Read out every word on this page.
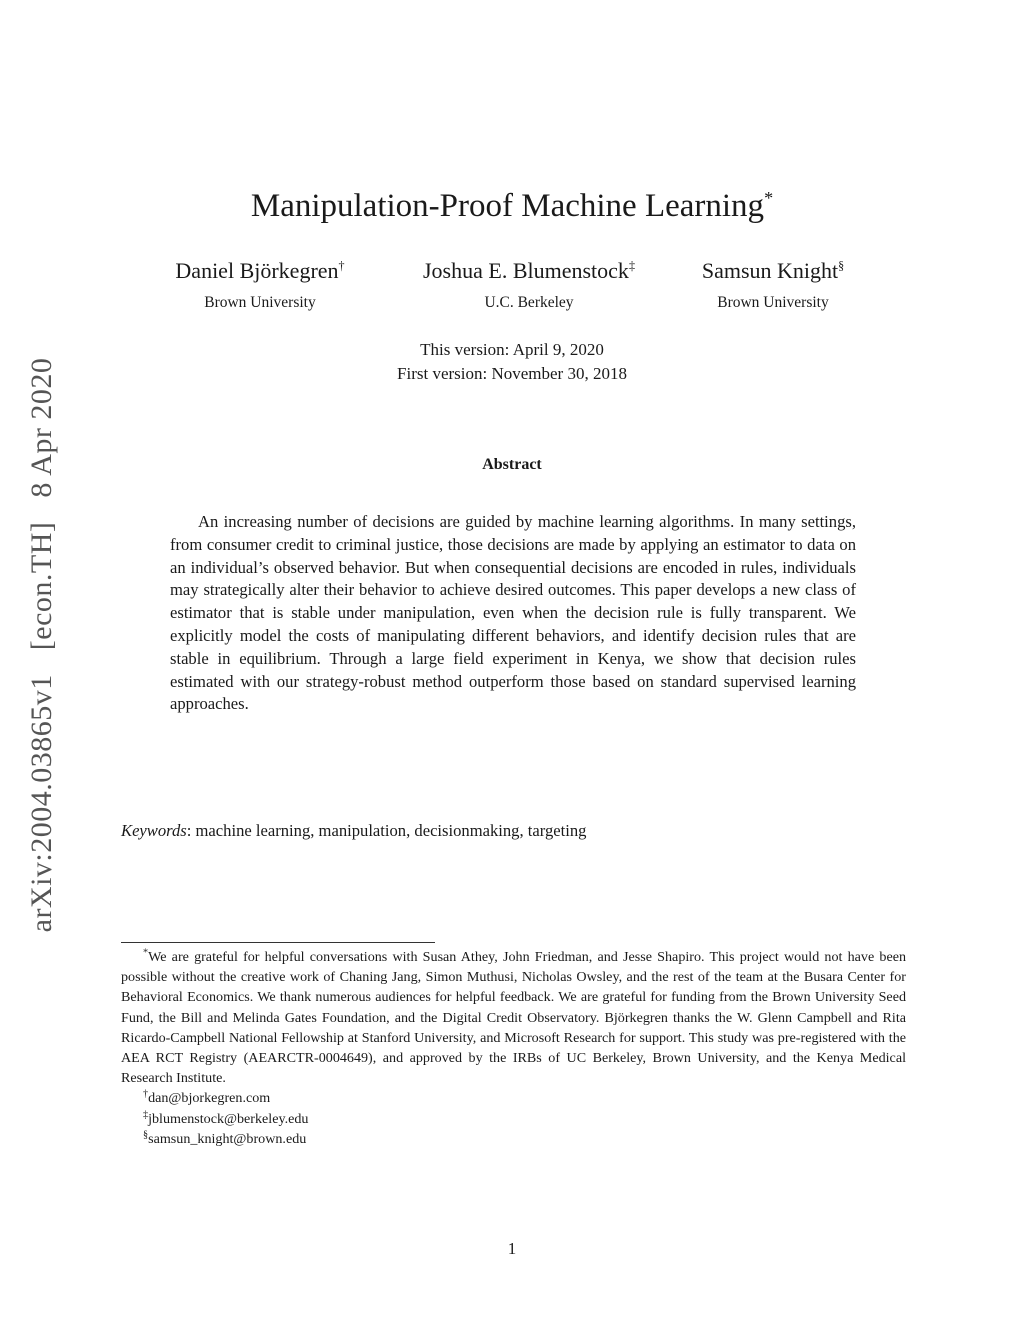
arXiv:2004.03865v1 [econ.TH] 8 Apr 2020
Manipulation-Proof Machine Learning*
Daniel Björkegren†
Brown University
Joshua E. Blumenstock‡
U.C. Berkeley
Samsun Knight§
Brown University
This version: April 9, 2020
First version: November 30, 2018
Abstract

An increasing number of decisions are guided by machine learning algorithms. In many settings, from consumer credit to criminal justice, those decisions are made by applying an estimator to data on an individual’s observed behavior. But when consequential decisions are encoded in rules, individuals may strategically alter their behavior to achieve desired outcomes. This paper develops a new class of estimator that is stable under manipulation, even when the decision rule is fully transparent. We explicitly model the costs of manipulating different behaviors, and identify decision rules that are stable in equilibrium. Through a large field experiment in Kenya, we show that decision rules estimated with our strategy-robust method outperform those based on standard supervised learning approaches.

Keywords: machine learning, manipulation, decisionmaking, targeting

*We are grateful for helpful conversations with Susan Athey, John Friedman, and Jesse Shapiro. This project would not have been possible without the creative work of Chaning Jang, Simon Muthusi, Nicholas Owsley, and the rest of the team at the Busara Center for Behavioral Economics. We thank numerous audiences for helpful feedback. We are grateful for funding from the Brown University Seed Fund, the Bill and Melinda Gates Foundation, and the Digital Credit Observatory. Björkegren thanks the W. Glenn Campbell and Rita Ricardo-Campbell National Fellowship at Stanford University, and Microsoft Research for support. This study was pre-registered with the AEA RCT Registry (AEARCTR-0004649), and approved by the IRBs of UC Berkeley, Brown University, and the Kenya Medical Research Institute.

†dan@bjorkegren.com

‡jblumenstock@berkeley.edu

§samsun_knight@brown.edu

1
